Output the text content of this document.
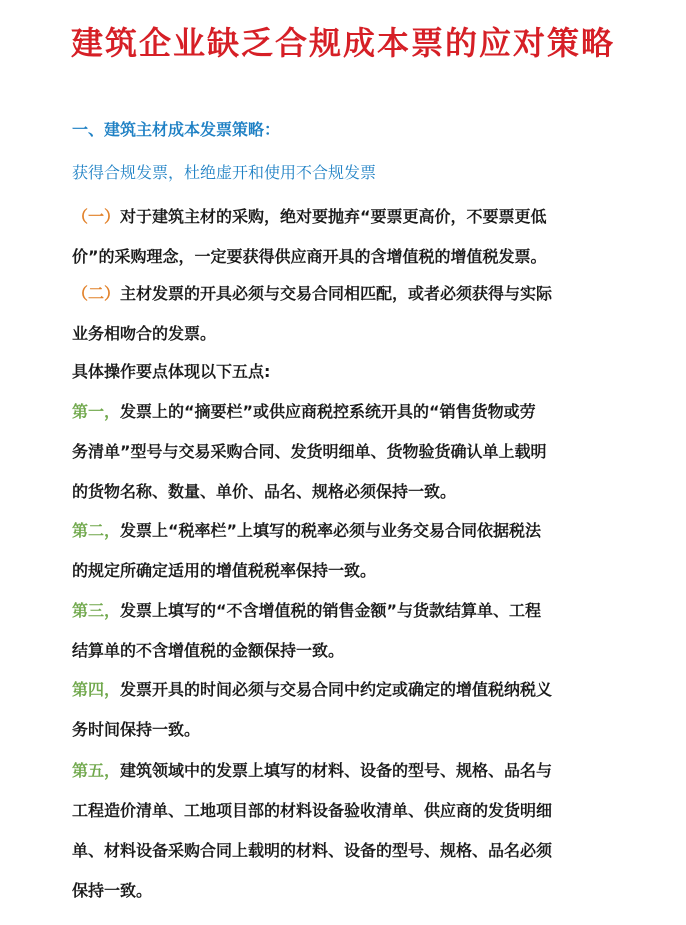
建筑企业缺乏合规成本票的应对策略
一、建筑主材成本发票策略：
获得合规发票，杜绝虚开和使用不合规发票
（一）对于建筑主材的采购，绝对要抛弃“要票更高价，不要票更低
价”的采购理念，一定要获得供应商开具的含增值税的增值税发票。
（二）主材发票的开具必须与交易合同相匹配，或者必须获得与实际
业务相吻合的发票。
具体操作要点体现以下五点:
第一，发票上的“摘要栏”或供应商税控系统开具的“销售货物或劳
务清单”型号与交易采购合同、发货明细单、货物验货确认单上载明
的货物名称、数量、单价、品名、规格必须保持一致。
第二，发票上“税率栏”上填写的税率必须与业务交易合同依据税法
的规定所确定适用的增值税税率保持一致。
第三，发票上填写的“不含增值税的销售金额”与货款结算单、工程
结算单的不含增值税的金额保持一致。
第四，发票开具的时间必须与交易合同中约定或确定的增值税纳税义
务时间保持一致。
第五，建筑领域中的发票上填写的材料、设备的型号、规格、品名与
工程造价清单、工地项目部的材料设备验收清单、供应商的发货明细
单、材料设备采购合同上载明的材料、设备的型号、规格、品名必须
保持一致。
